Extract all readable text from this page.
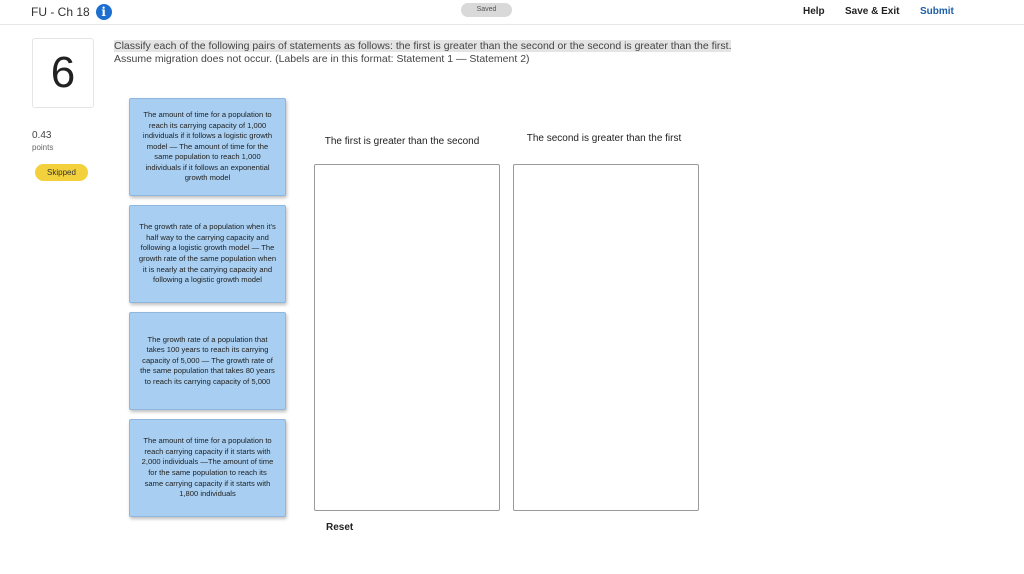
FU - Ch 18 i	Saved	Help Save & Exit Submit
6
0.43
points
Skipped
Classify each of the following pairs of statements as follows: the first is greater than the second or the second is greater than the first.
Assume migration does not occur. (Labels are in this format: Statement 1 — Statement 2)
The amount of time for a population to reach its carrying capacity of 1,000 individuals if it follows a logistic growth model — The amount of time for the same population to reach 1,000 individuals if it follows an exponential growth model
The growth rate of a population when it's half way to the carrying capacity and following a logistic growth model — The growth rate of the same population when it is nearly at the carrying capacity and following a logistic growth model
The growth rate of a population that takes 100 years to reach its carrying capacity of 5,000 — The growth rate of the same population that takes 80 years to reach its carrying capacity of 5,000
The amount of time for a population to reach carrying capacity if it starts with 2,000 individuals —The amount of time for the same population to reach its same carrying capacity if it starts with 1,800 individuals
The first is greater than the second	The second is greater than the first
Reset
